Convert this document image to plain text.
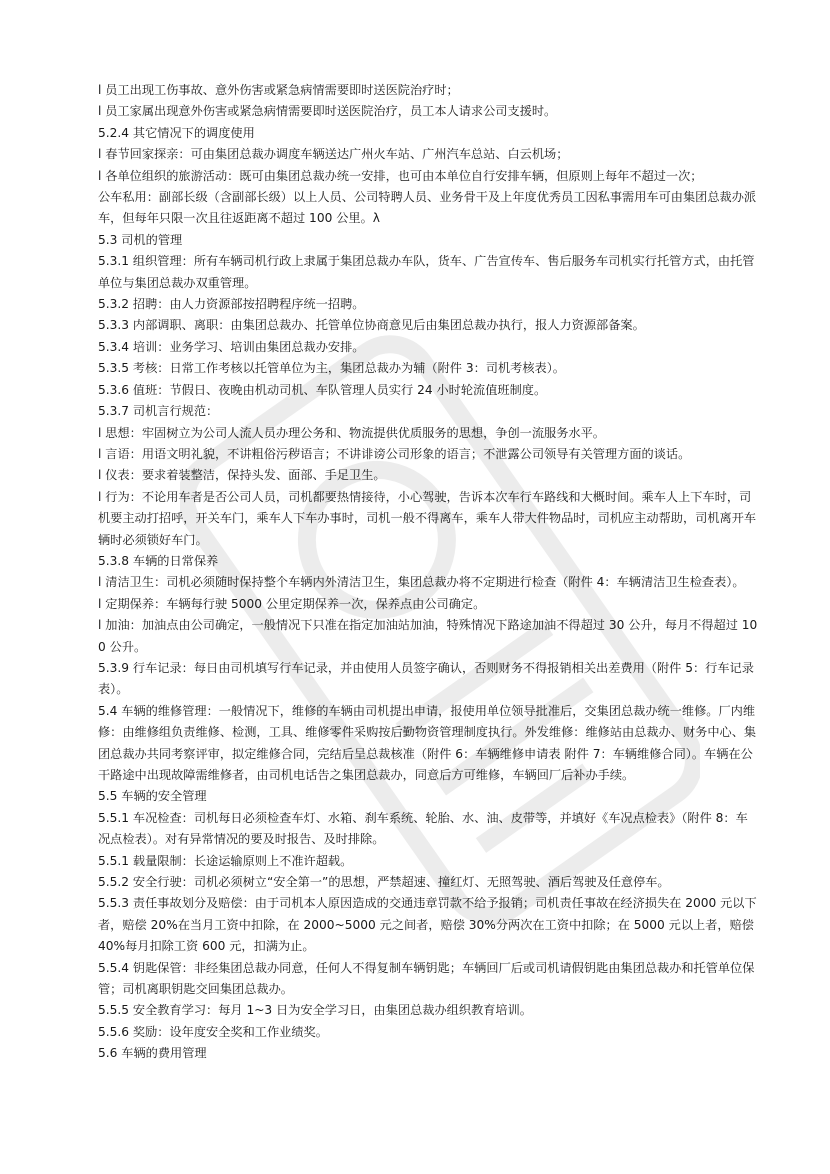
l 员工出现工伤事故、意外伤害或紧急病情需要即时送医院治疗时；
l 员工家属出现意外伤害或紧急病情需要即时送医院治疗，员工本人请求公司支援时。
5.2.4 其它情况下的调度使用
l 春节回家探亲：可由集团总裁办调度车辆送达广州火车站、广州汽车总站、白云机场；
l 各单位组织的旅游活动：既可由集团总裁办统一安排，也可由本单位自行安排车辆，但原则上每年不超过一次；
公车私用：副部长级（含副部长级）以上人员、公司特聘人员、业务骨干及上年度优秀员工因私事需用车可由集团总裁办派车，但每年只限一次且往返距离不超过 100 公里。λ
5.3 司机的管理
5.3.1 组织管理：所有车辆司机行政上隶属于集团总裁办车队，货车、广告宣传车、售后服务车司机实行托管方式，由托管单位与集团总裁办双重管理。
5.3.2 招聘：由人力资源部按招聘程序统一招聘。
5.3.3 内部调职、离职：由集团总裁办、托管单位协商意见后由集团总裁办执行，报人力资源部备案。
5.3.4 培训：业务学习、培训由集团总裁办安排。
5.3.5 考核：日常工作考核以托管单位为主，集团总裁办为辅（附件 3：司机考核表）。
5.3.6 值班：节假日、夜晚由机动司机、车队管理人员实行 24 小时轮流值班制度。
5.3.7 司机言行规范：
l 思想：牢固树立为公司人流人员办理公务和、物流提供优质服务的思想，争创一流服务水平。
l 言语：用语文明礼貌，不讲粗俗污秽语言；不讲诽谤公司形象的语言；不泄露公司领导有关管理方面的谈话。
l 仪表：要求着装整洁，保持头发、面部、手足卫生。
l 行为：不论用车者是否公司人员，司机都要热情接待，小心驾驶，告诉本次车行车路线和大概时间。乘车人上下车时，司机要主动打招呼，开关车门，乘车人下车办事时，司机一般不得离车，乘车人带大件物品时，司机应主动帮助，司机离开车辆时必须锁好车门。
5.3.8 车辆的日常保养
l 清洁卫生：司机必须随时保持整个车辆内外清洁卫生，集团总裁办将不定期进行检查（附件 4：车辆清洁卫生检查表）。
l 定期保养：车辆每行驶 5000 公里定期保养一次，保养点由公司确定。
l 加油：加油点由公司确定，一般情况下只准在指定加油站加油，特殊情况下路途加油不得超过 30 公升，每月不得超过 100 公升。
5.3.9 行车记录：每日由司机填写行车记录，并由使用人员签字确认，否则财务不得报销相关出差费用（附件 5：行车记录表）。
5.4 车辆的维修管理：一般情况下，维修的车辆由司机提出申请，报使用单位领导批准后，交集团总裁办统一维修。厂内维修：由维修组负责维修、检测，工具、维修零件采购按后勤物资管理制度执行。外发维修：维修站由总裁办、财务中心、集团总裁办共同考察评审，拟定维修合同，完结后呈总裁核准（附件 6：车辆维修申请表 附件 7：车辆维修合同）。车辆在公干路途中出现故障需维修者，由司机电话告之集团总裁办，同意后方可维修，车辆回厂后补办手续。
5.5 车辆的安全管理
5.5.1 车况检查：司机每日必须检查车灯、水箱、刹车系统、轮胎、水、油、皮带等，并填好《车况点检表》（附件 8：车况点检表）。对有异常情况的要及时报告、及时排除。
5.5.1 载量限制：长途运输原则上不准许超载。
5.5.2 安全行驶：司机必须树立“安全第一”的思想，严禁超速、撞红灯、无照驾驶、酒后驾驶及任意停车。
5.5.3 责任事故划分及赔偿：由于司机本人原因造成的交通违章罚款不给予报销；司机责任事故在经济损失在 2000 元以下者，赔偿 20%在当月工资中扣除，在 2000~5000 元之间者，赔偿 30%分两次在工资中扣除；在 5000 元以上者，赔偿 40%每月扣除工资 600 元，扣满为止。
5.5.4 钥匙保管：非经集团总裁办同意，任何人不得复制车辆钥匙；车辆回厂后或司机请假钥匙由集团总裁办和托管单位保管；司机离职钥匙交回集团总裁办。
5.5.5 安全教育学习：每月 1~3 日为安全学习日，由集团总裁办组织教育培训。
5.5.6 奖励：设年度安全奖和工作业绩奖。
5.6 车辆的费用管理
